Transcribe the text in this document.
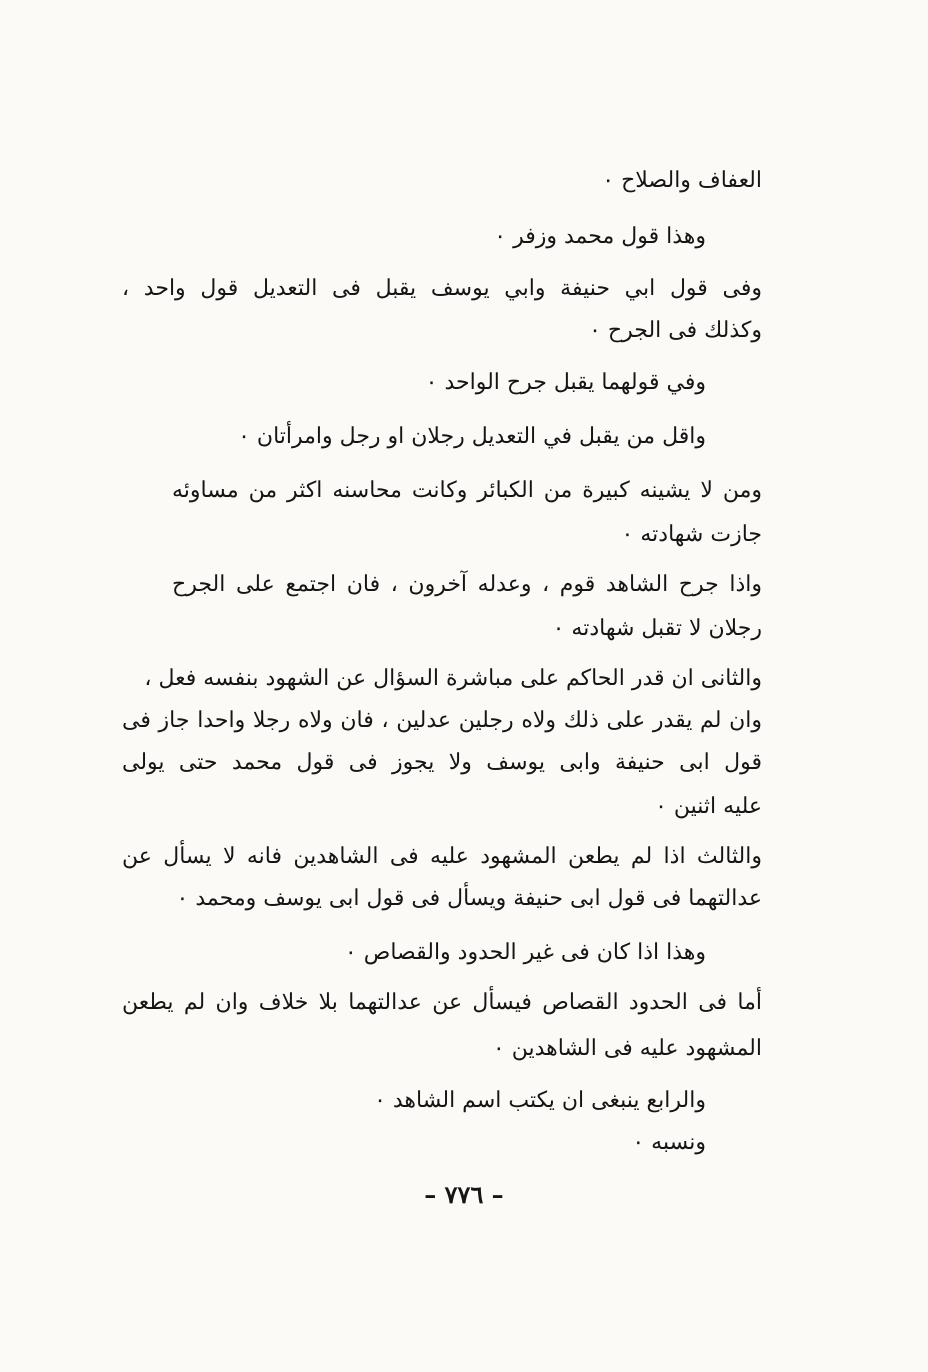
العفاف والصلاح ٠
وهذا قول محمد وزفر ٠
وفى قول ابي حنيفة وابي يوسف يقبل فى التعديل قول واحد ،
وكذلك فى الجرح ٠
وفي قولهما يقبل جرح الواحد ٠
واقل من يقبل في التعديل رجلان او رجل وامرأتان ٠
ومن لا يشينه كبيرة من الكبائر وكانت محاسنه اكثر من مساوئه
جازت شهادته ٠
واذا جرح الشاهد قوم ، وعدله آخرون ، فان اجتمع على الجرح
رجلان لا تقبل شهادته ٠
والثانى ان قدر الحاكم على مباشرة السؤال عن الشهود بنفسه فعل ،
وان لم يقدر على ذلك ولاه رجلين عدلين ، فان ولاه رجلا واحدا جاز فى
قول ابى حنيفة وابى يوسف ولا يجوز فى قول محمد حتى يولى
عليه اثنين ٠
والثالث اذا لم يطعن المشهود عليه فى الشاهدين فانه لا يسأل عن
عدالتهما فى قول ابى حنيفة ويسأل فى قول ابى يوسف ومحمد ٠
وهذا اذا كان فى غير الحدود والقصاص ٠
أما فى الحدود القصاص فيسأل عن عدالتهما بلا خلاف وان لم يطعن
المشهود عليه فى الشاهدين ٠
والرابع ينبغى ان يكتب اسم الشاهد ٠
ونسبه ٠
– ٧٧٦ –
